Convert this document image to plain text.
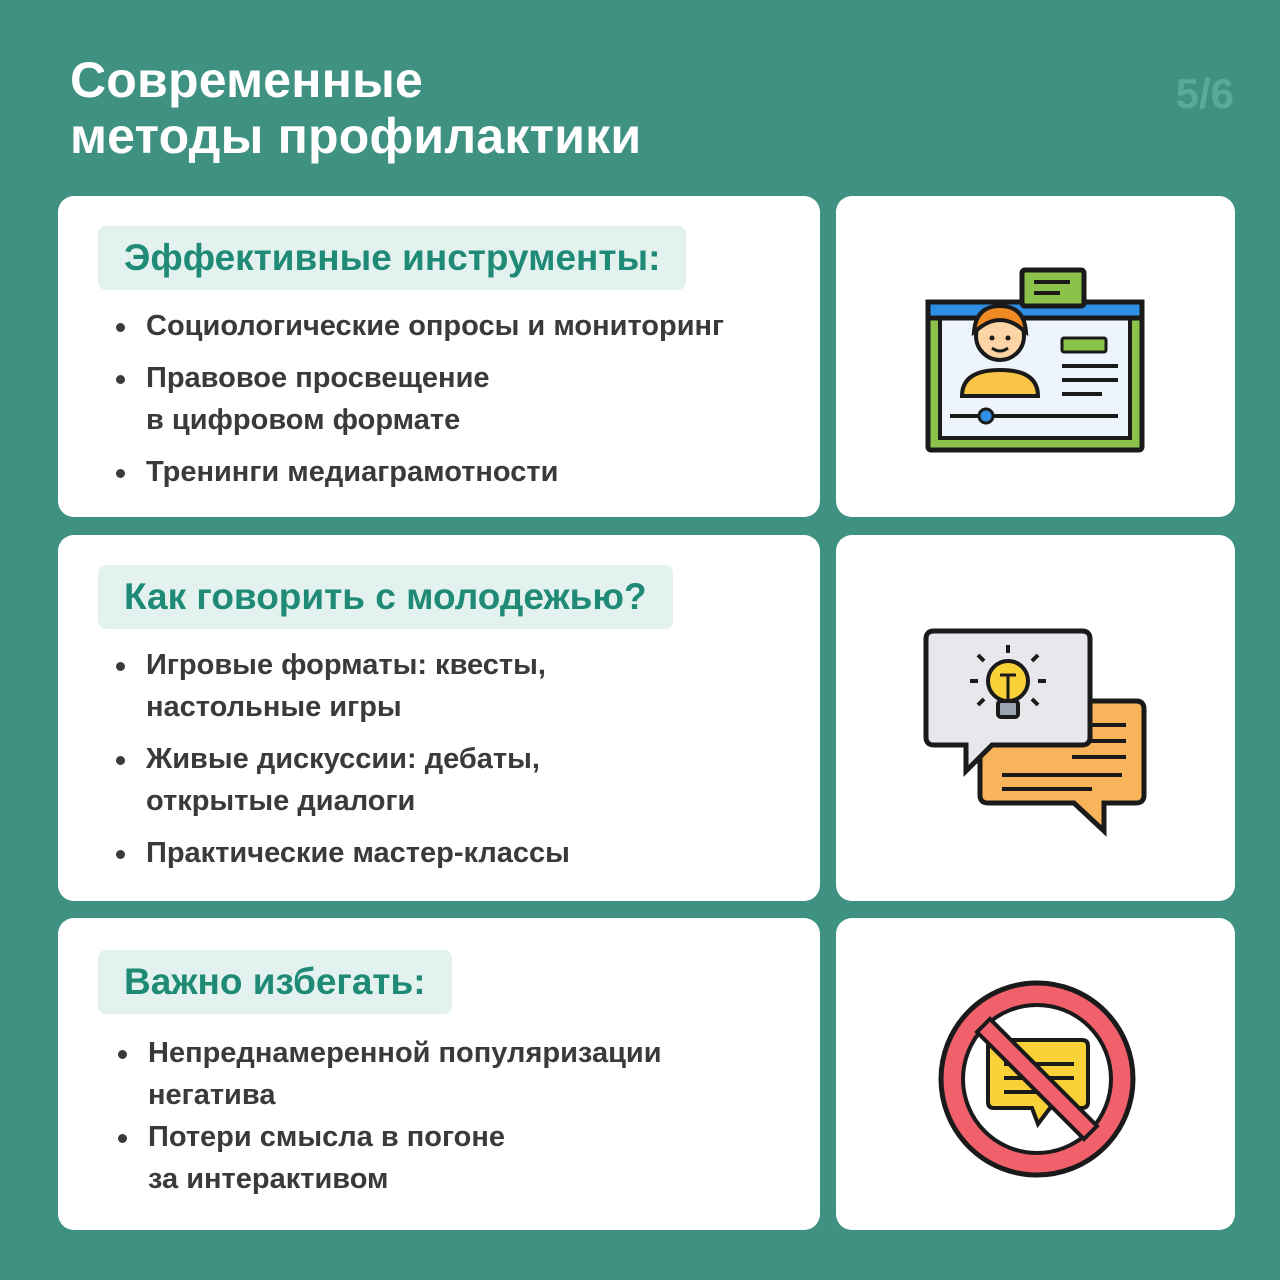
Современные
методы профилактики
5/6
Эффективные инструменты:
Социологические опросы и мониторинг
Правовое просвещение
в цифровом формате
Тренинги медиаграмотности
Как говорить с молодежью?
Игровые форматы: квесты,
настольные игры
Живые дискуссии: дебаты,
открытые диалоги
Практические мастер-классы
Важно избегать:
Непреднамеренной популяризации
негатива
Потери смысла в погоне
за интерактивом
